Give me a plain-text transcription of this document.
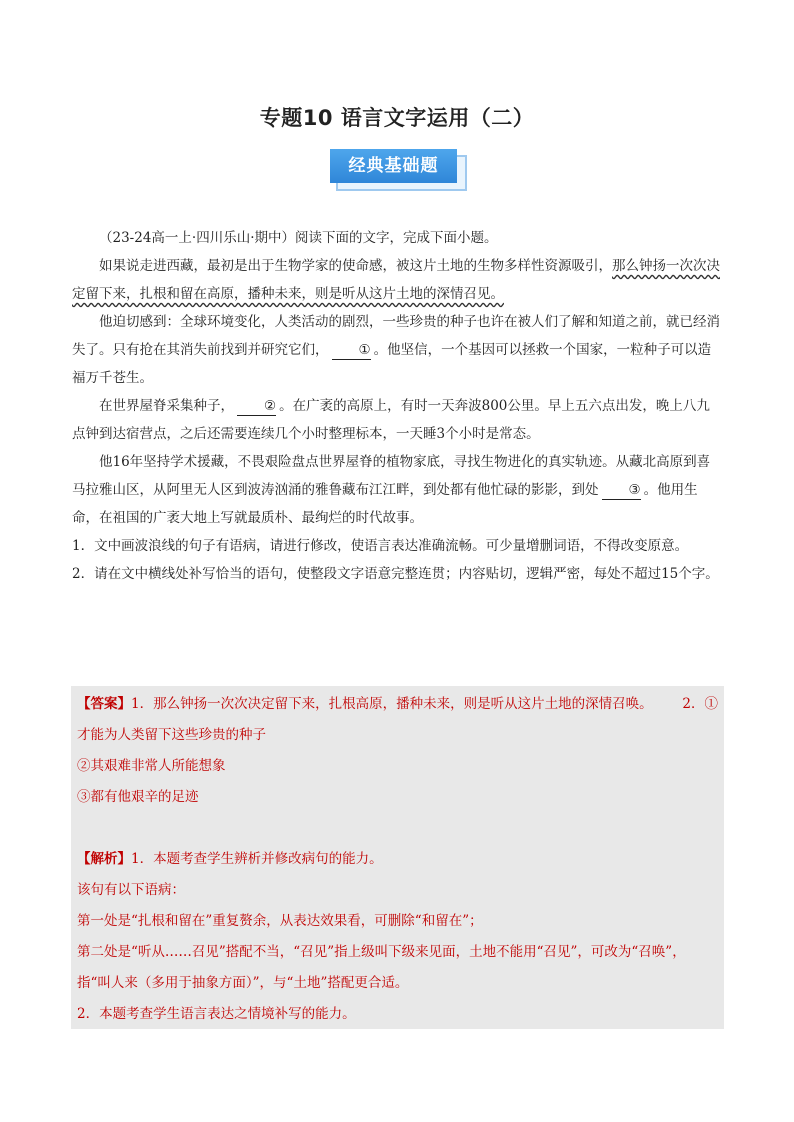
专题10 语言文字运用（二）
经典基础题

（23-24高一上·四川乐山·期中）阅读下面的文字，完成下面小题。

如果说走进西藏，最初是出于生物学家的使命感，被这片土地的生物多样性资源吸引，那么钟扬一次次决定留下来，扎根和留在高原，播种未来，则是听从这片土地的深情召见。

他迫切感到：全球环境变化，人类活动的剧烈，一些珍贵的种子也许在被人们了解和知道之前，就已经消失了。只有抢在其消失前找到并研究它们， ① 。他坚信，一个基因可以拯救一个国家，一粒种子可以造福万千苍生。

在世界屋脊采集种子， ② 。在广袤的高原上，有时一天奔波800公里。早上五六点出发，晚上八九点钟到达宿营点，之后还需要连续几个小时整理标本，一天睡3个小时是常态。

他16年坚持学术援藏，不畏艰险盘点世界屋脊的植物家底，寻找生物进化的真实轨迹。从藏北高原到喜马拉雅山区，从阿里无人区到波涛汹涌的雅鲁藏布江江畔，到处都有他忙碌的影影，到处 ③ 。他用生命，在祖国的广袤大地上写就最质朴、最绚烂的时代故事。

1．文中画波浪线的句子有语病，请进行修改，使语言表达准确流畅。可少量增删词语，不得改变原意。

2．请在文中横线处补写恰当的语句，使整段文字语意完整连贯；内容贴切，逻辑严密，每处不超过15个字。

【答案】1．那么钟扬一次次决定留下来，扎根高原，播种未来，则是听从这片土地的深情召唤。 2．①

才能为人类留下这些珍贵的种子

②其艰难非常人所能想象

③都有他艰辛的足迹

【解析】1．本题考查学生辨析并修改病句的能力。

该句有以下语病：

第一处是“扎根和留在”重复赘余，从表达效果看，可删除“和留在”；

第二处是“听从……召见”搭配不当，“召见”指上级叫下级来见面，土地不能用“召见”，可改为“召唤”，指“叫人来（多用于抽象方面）”，与“土地”搭配更合适。

2．本题考查学生语言表达之情境补写的能力。
